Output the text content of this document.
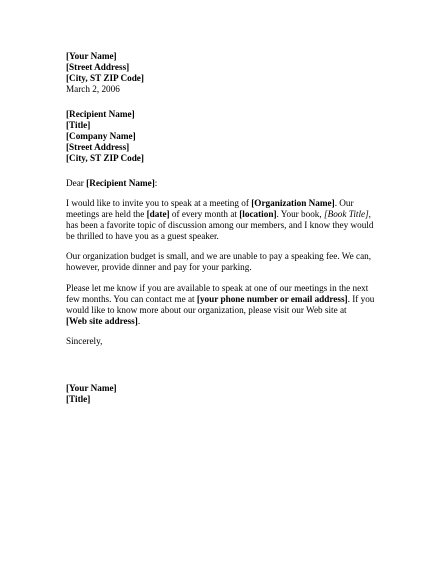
[Your Name]

[Street Address]

[City, ST ZIP Code]

March 2, 2006

[Recipient Name]

[Title]

[Company Name]

[Street Address]

[City, ST ZIP Code]

Dear [Recipient Name]:

I would like to invite you to speak at a meeting of [Organization Name]. Our meetings are held the [date] of every month at [location]. Your book, [Book Title], has been a favorite topic of discussion among our members, and I know they would be thrilled to have you as a guest speaker.

Our organization budget is small, and we are unable to pay a speaking fee. We can, however, provide dinner and pay for your parking.

Please let me know if you are available to speak at one of our meetings in the next few months. You can contact me at [your phone number or email address]. If you would like to know more about our organization, please visit our Web site at
[Web site address].

Sincerely,

[Your Name]

[Title]
